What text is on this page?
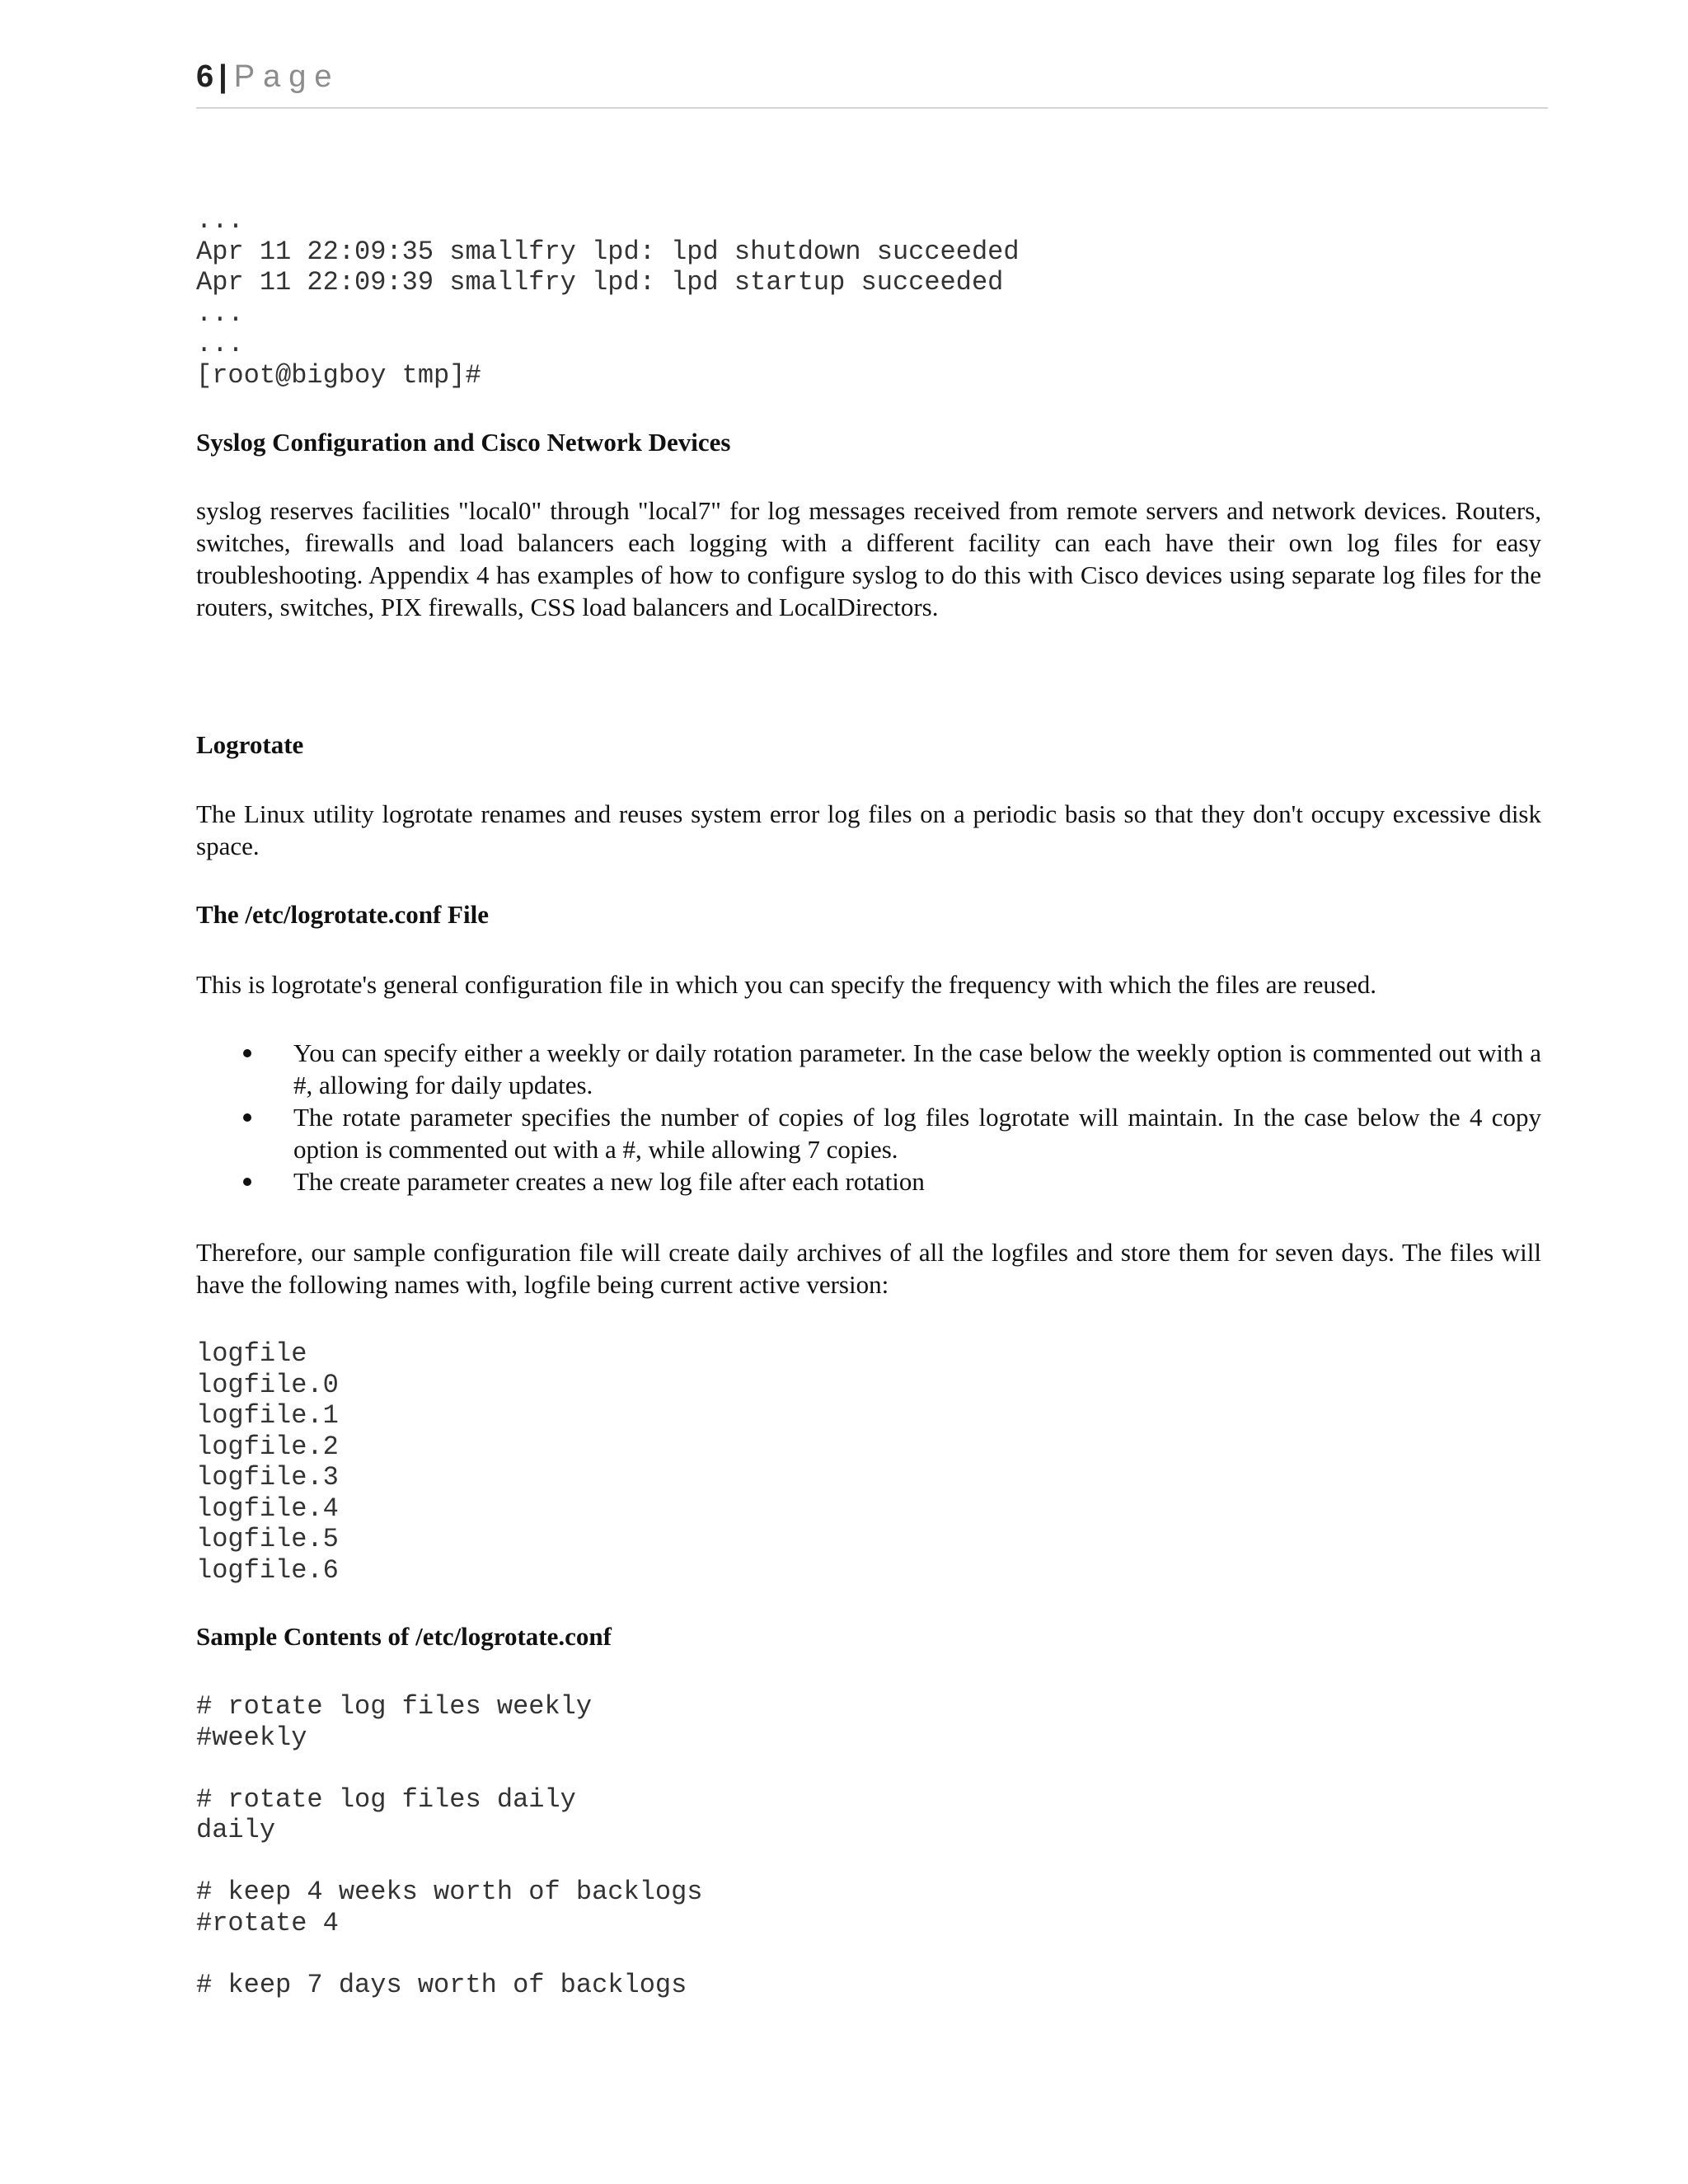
6 | Page
...
Apr 11 22:09:35 smallfry lpd: lpd shutdown succeeded
Apr 11 22:09:39 smallfry lpd: lpd startup succeeded
...
...
[root@bigboy tmp]#
Syslog Configuration and Cisco Network Devices

syslog reserves facilities "local0" through "local7" for log messages received from remote servers and network devices. Routers, switches, firewalls and load balancers each logging with a different facility can each have their own log files for easy troubleshooting. Appendix 4 has examples of how to configure syslog to do this with Cisco devices using separate log files for the routers, switches, PIX firewalls, CSS load balancers and LocalDirectors.

Logrotate

The Linux utility logrotate renames and reuses system error log files on a periodic basis so that they don't occupy excessive disk space.

The /etc/logrotate.conf File

This is logrotate's general configuration file in which you can specify the frequency with which the files are reused.

You can specify either a weekly or daily rotation parameter. In the case below the weekly option is commented out with a #, allowing for daily updates.
The rotate parameter specifies the number of copies of log files logrotate will maintain. In the case below the 4 copy option is commented out with a #, while allowing 7 copies.
The create parameter creates a new log file after each rotation

Therefore, our sample configuration file will create daily archives of all the logfiles and store them for seven days. The files will have the following names with, logfile being current active version:

logfile
logfile.0
logfile.1
logfile.2
logfile.3
logfile.4
logfile.5
logfile.6
Sample Contents of /etc/logrotate.conf
# rotate log files weekly
#weekly

# rotate log files daily
daily

# keep 4 weeks worth of backlogs
#rotate 4

# keep 7 days worth of backlogs
